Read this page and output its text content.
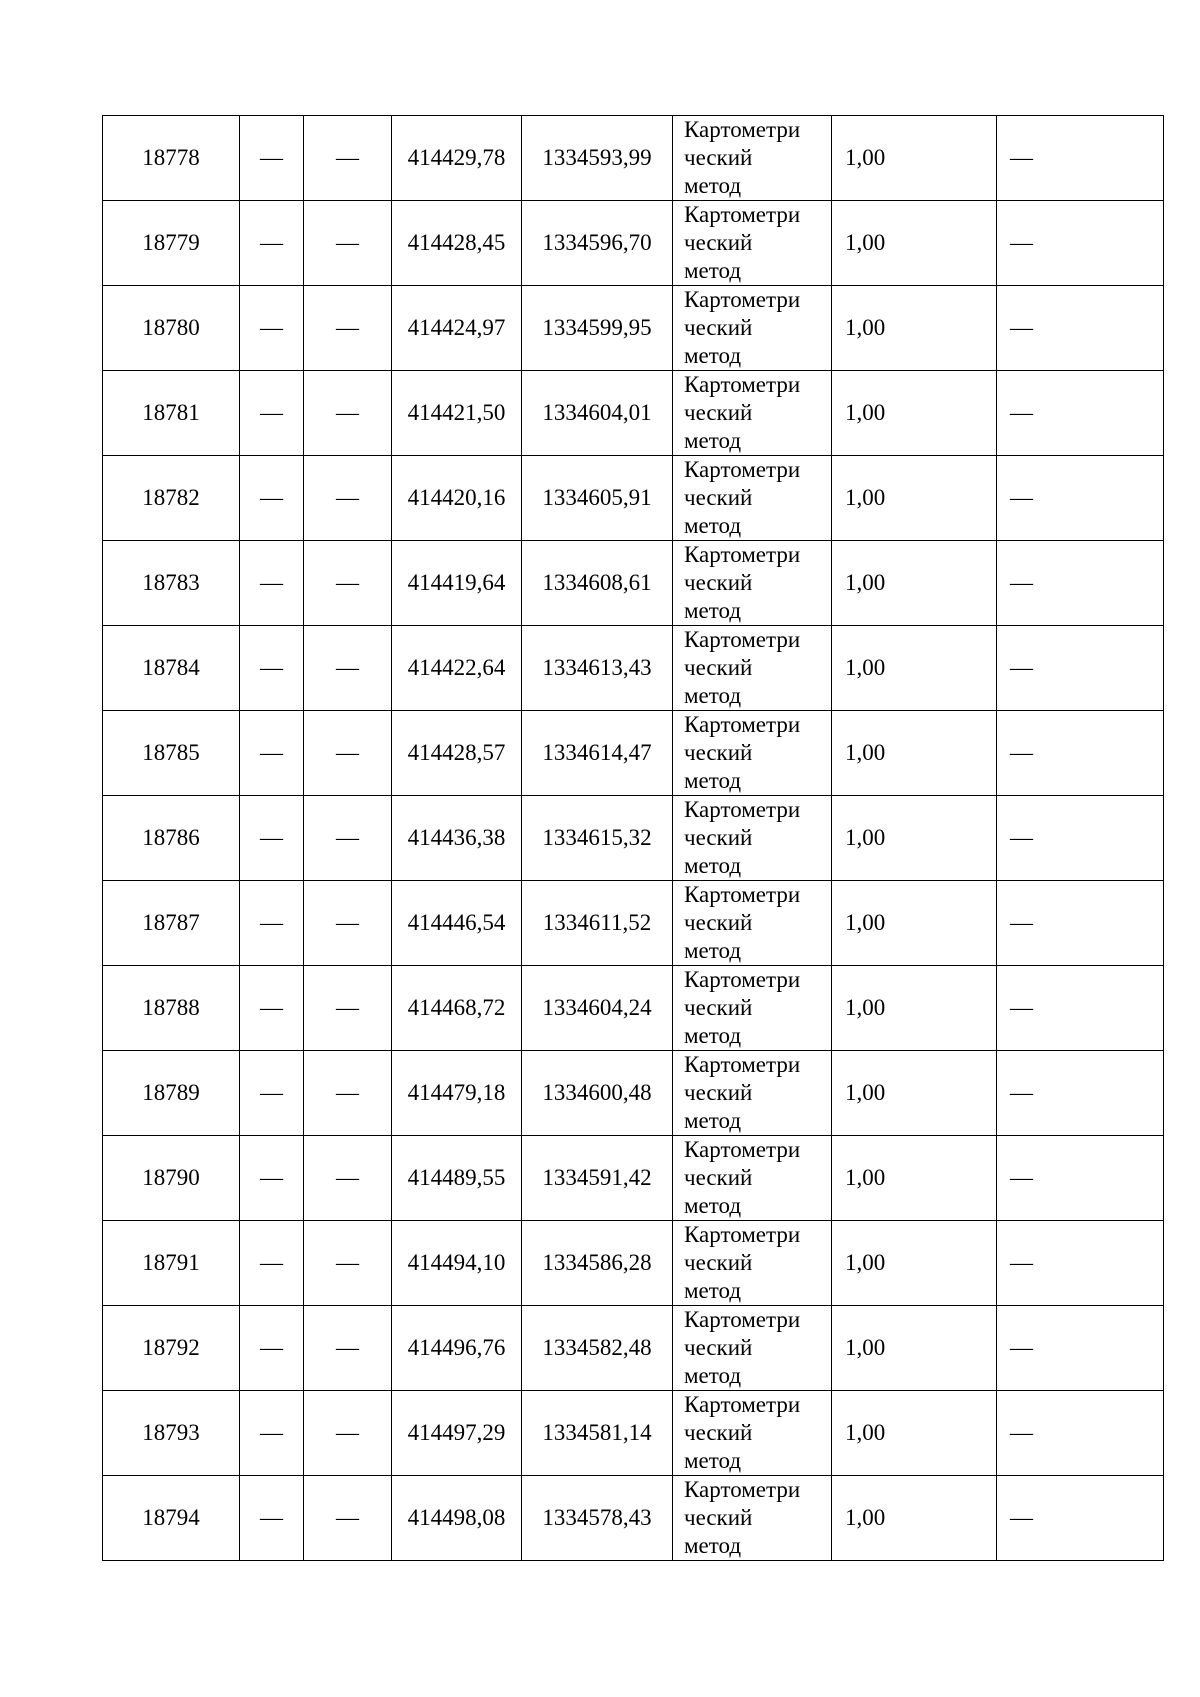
18778	—	—	414429,78	1334593,99	Картометри
ческий
метод	1,00	—
18779	—	—	414428,45	1334596,70	Картометри
ческий
метод	1,00	—
18780	—	—	414424,97	1334599,95	Картометри
ческий
метод	1,00	—
18781	—	—	414421,50	1334604,01	Картометри
ческий
метод	1,00	—
18782	—	—	414420,16	1334605,91	Картометри
ческий
метод	1,00	—
18783	—	—	414419,64	1334608,61	Картометри
ческий
метод	1,00	—
18784	—	—	414422,64	1334613,43	Картометри
ческий
метод	1,00	—
18785	—	—	414428,57	1334614,47	Картометри
ческий
метод	1,00	—
18786	—	—	414436,38	1334615,32	Картометри
ческий
метод	1,00	—
18787	—	—	414446,54	1334611,52	Картометри
ческий
метод	1,00	—
18788	—	—	414468,72	1334604,24	Картометри
ческий
метод	1,00	—
18789	—	—	414479,18	1334600,48	Картометри
ческий
метод	1,00	—
18790	—	—	414489,55	1334591,42	Картометри
ческий
метод	1,00	—
18791	—	—	414494,10	1334586,28	Картометри
ческий
метод	1,00	—
18792	—	—	414496,76	1334582,48	Картометри
ческий
метод	1,00	—
18793	—	—	414497,29	1334581,14	Картометри
ческий
метод	1,00	—
18794	—	—	414498,08	1334578,43	Картометри
ческий
метод	1,00	—
